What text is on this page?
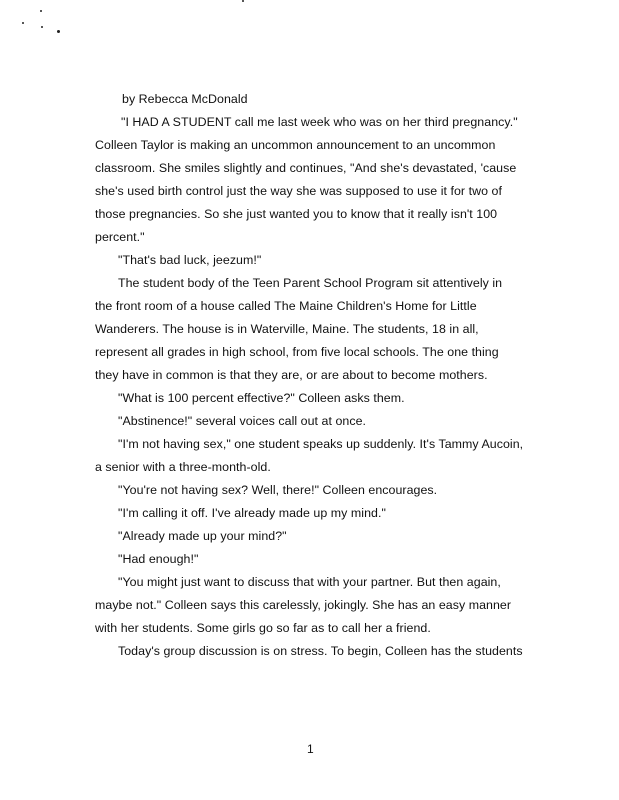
by Rebecca McDonald
"I HAD A STUDENT call me last week who was on her third pregnancy."
Colleen Taylor is making an uncommon announcement to an uncommon
classroom. She smiles slightly and continues, "And she's devastated, 'cause
she's used birth control just the way she was supposed to use it for two of
those pregnancies. So she just wanted you to know that it really isn't 100
percent."
"That's bad luck, jeezum!"
The student body of the Teen Parent School Program sit attentively in
the front room of a house called The Maine Children's Home for Little
Wanderers. The house is in Waterville, Maine. The students, 18 in all,
represent all grades in high school, from five local schools. The one thing
they have in common is that they are, or are about to become mothers.
"What is 100 percent effective?" Colleen asks them.
"Abstinence!" several voices call out at once.
"I'm not having sex," one student speaks up suddenly. It's Tammy Aucoin,
a senior with a three-month-old.
"You're not having sex? Well, there!" Colleen encourages.
"I'm calling it off. I've already made up my mind."
"Already made up your mind?"
"Had enough!"
"You might just want to discuss that with your partner. But then again,
maybe not." Colleen says this carelessly, jokingly. She has an easy manner
with her students. Some girls go so far as to call her a friend.
Today's group discussion is on stress. To begin, Colleen has the students
1
